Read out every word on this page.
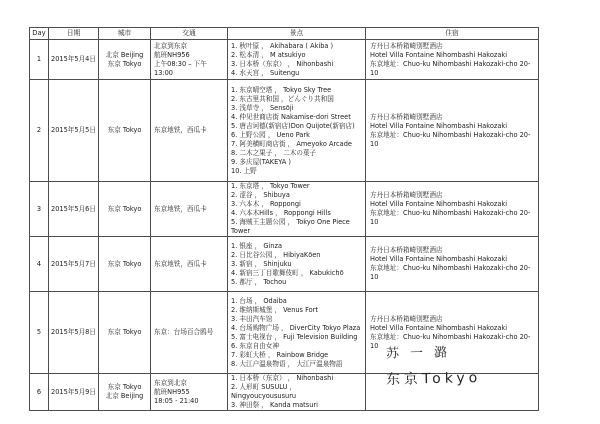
Day	日期	城市	交通	景点	住宿
1	2015年5月4日	北京 Beijing
东京 Tokyo	北京到东京
航班NH956
上午08:30 – 下午13:00	1. 秋叶原 ， Akihabara ( Akiba )
2. 松本清 ， M atsukiyo
3. 日本桥（东京） ， Nihonbashi
4. 水天宫 ， Suitengu	方丹日本桥箱崎别墅酒店
Hotel Villa Fontaine Nihombashi Hakozaki
东京地址：Chuo-ku Nihombashi Hakozaki-cho 20-10
2	2015年5月5日	东京 Tokyo	东京地铁，西瓜卡	1. 东京晴空塔 ， Tokyo Sky Tree
2. 东古里共和国 ，どんぐり共和国
3. 浅草寺 ， Sensōji
4. 仲见世商店街 Nakamise-dori Street
5. 唐吉诃德(新宿店)Don Quijote(新宿店)
6. 上野公园 ， Ueno Park
7. 阿美横町商店街 ， Ameyoko Arcade
8. 二木之果子 ， 二木の菓子
9. 多庆屋(TAKEYA )
10. 上野	方丹日本桥箱崎别墅酒店
Hotel Villa Fontaine Nihombashi Hakozaki
东京地址：Chuo-ku Nihombashi Hakozaki-cho 20-10
3	2015年5月6日	东京 Tokyo	东京地铁，西瓜卡	1. 东京塔 ， Tokyo Tower
2. 涩谷 ， Shibuya
3. 六本木 ， Roppongi
4. 六本木Hills ， Roppongi Hills
5. 海贼王主题公园 ， Tokyo One Piece Tower	方丹日本桥箱崎别墅酒店
Hotel Villa Fontaine Nihombashi Hakozaki
东京地址：Chuo-ku Nihombashi Hakozaki-cho 20-10
4	2015年5月7日	东京 Tokyo	东京地铁，西瓜卡	1. 银座 ， Ginza
2. 日比谷公园 ， HibiyaKōen
3. 新宿 ， Shinjuku
4. 新宿三丁目歌舞伎町 ， Kabukichō
5. 都厅 ， Tochou	方丹日本桥箱崎别墅酒店
Hotel Villa Fontaine Nihombashi Hakozaki
东京地址：Chuo-ku Nihombashi Hakozaki-cho 20-10
5	2015年5月8日	东京 Tokyo	东京：台场百合鸥号	1. 台场 ， Odaiba
2. 维纳斯城堡 ， Venus Fort
3. 丰田汽车馆
4. 台场购物广场 ， DiverCity Tokyo Plaza
5. 富士电视台 ， Fuji Television Building
6. 东京自由女神
7. 彩虹大桥 ， Rainbow Bridge
8. 大江户温泉物语 ， 大江戸温泉物語	方丹日本桥箱崎别墅酒店
Hotel Villa Fontaine Nihombashi Hakozaki
东京地址：Chuo-ku Nihombashi Hakozaki-cho 20-10
6	2015年5月9日	东京 Tokyo
北京 Beijing	东京到北京
航班NH955
18:05 - 21:40	1. 日本桥（东京） ， Nihonbashi
2. 人形町 SUSULU ， Ningyoucyoususuru
3. 神田祭 ， Kanda matsuri	
苏一潞
东京Tokyo
